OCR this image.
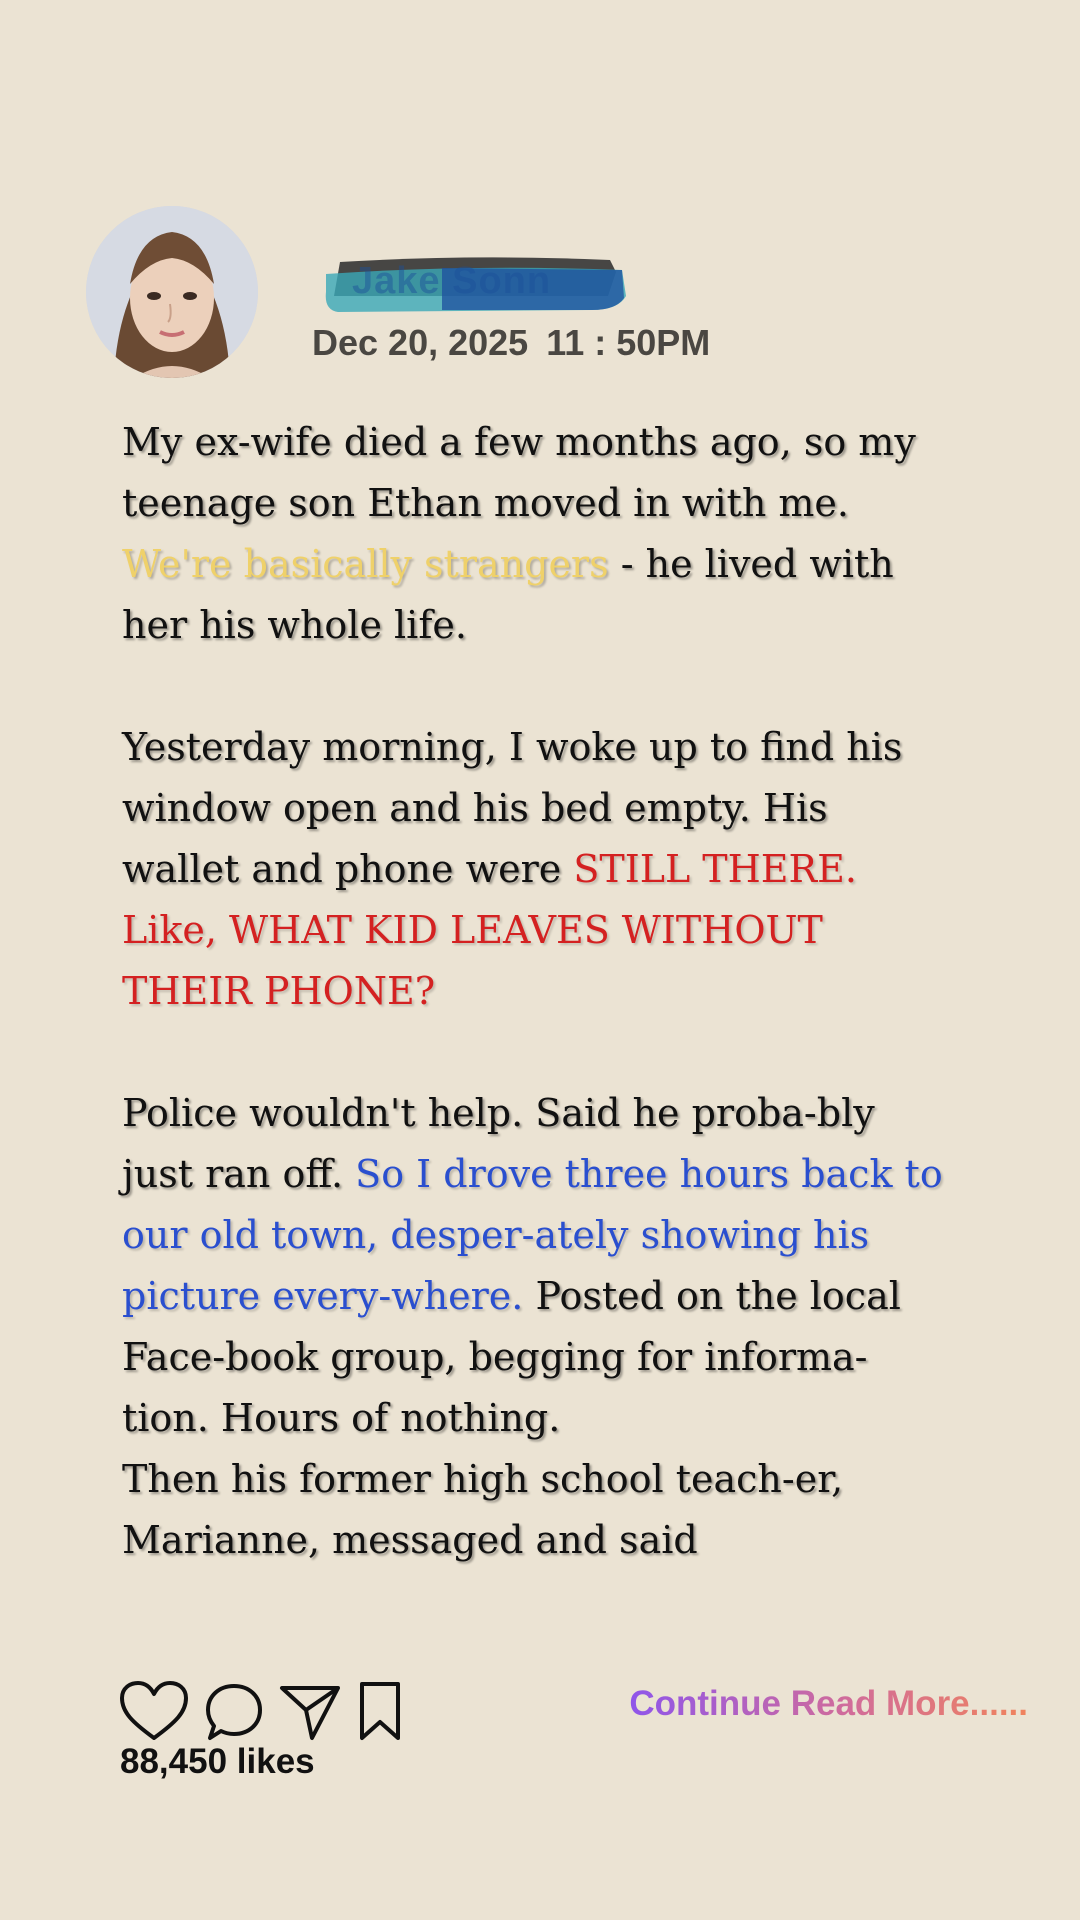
Jake Sonn
Dec 20, 2025 11 : 50PM

My ex-wife died a few months ago, so my teenage son Ethan moved in with me. We're basically strangers - he lived with her his whole life.

Yesterday morning, I woke up to find his window open and his bed empty. His wallet and phone were STILL THERE. Like, WHAT KID LEAVES WITHOUT THEIR PHONE?

Police wouldn't help. Said he proba-bly just ran off. So I drove three hours back to our old town, desper-ately showing his picture every-where. Posted on the local Face-book group, begging for informa-tion. Hours of nothing.
Then his former high school teach-er, Marianne, messaged and said

88,450 likes
Continue Read More......
